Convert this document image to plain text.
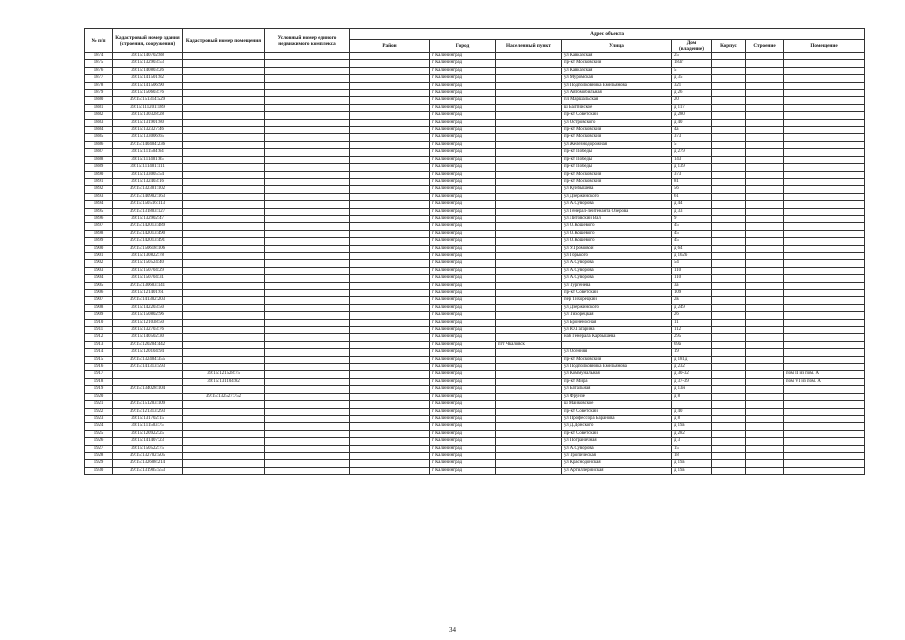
№ п/п	Кадастровый номер здания (строения, сооружения)	Кадастровый номер помещения	Условный номер единого недвижимого комплекса	Адрес объекта							
				Район	Город	Населенный пункт	Улица	Дом (владение)	Корпус	Строение	Помещение
1874	39:15:140702:88				г Калининград		ул Кавказская	25			
1875	39:15:132903:53				г Калининград		пр-кт Московский	183г			
1876	39:15:140803:26				г Калининград		ул Кавказская	5			
1877	39:15:141501:82				г Калининград		ул Муромская	д 35			
1878	39:15:141506:90				г Калининград		ул Подполковника Емельянова	321			
1879	39:15:150603:76				г Калининград		ул Автомобильная	д 26			
1880	39:15:151314:529				г Калининград		пл Маршальская	20			
1881	39:15:111201:189				г Калининград		ш Балтийское	д 117			
1882	39:15:130328:28				г Калининград		пр-кт Советский	д 280			
1883	39:15:131901:80				г Калининград		ул Островского	д 40			
1884	39:15:132327:46				г Калининград		пр-кт Московский	4а			
1885	39:15:133006:65				г Калининград		пр-кт Московский	373			
1886	39:15:140404:236				г Калининград		ул Железнодорожная	5			
1887	39:15:111504:64				г Калининград		пр-кт Победы	д 279			
1888	39:15:111401:85				г Калининград		пр-кт Победы	143			
1889	39:15:111401:111				г Калининград		пр-кт Победы	д 139			
1890	39:15:133005:54				г Калининград		пр-кт Московский	373			
1891	39:15:132403:16				г Калининград		пр-кт Московский	81			
1892	39:15:132301:102				г Калининград		ул Куйбышева	56			
1893	39:15:140902:163				г Калининград		ул Дзержинского	61			
1894	39:15:150516:113				г Калининград		ул А.Суворова	д 44			
1895	39:15:131803:127				г Калининград		ул Генерал-лейтенанта Озерова	д 33			
1896	39:15:132902:47				г Калининград		ул Литовский Вал	9			
1897	39:15:142013:489				г Калининград		ул О.Кошевого	45			
1898	39:15:142013:490				г Калининград		ул О.Кошевого	45			
1899	39:15:142013:491				г Калининград		ул О.Кошевого	45			
1900	39:15:150618:106				г Калининград		ул У.Громовой	д 64			
1901	39:15:130822:78				г Калининград		ул Горького	д 162б			
1902	39:15:150524:40				г Калининград		ул А.Суворова	54			
1903	39:15:150704:29				г Калининград		ул А.Суворова	110			
1904	39:15:150704:31				г Калининград		ул А.Суворова	110			
1905	39:15:130603:141				г Калининград		ул Тургенева	3а			
1906	39:15:121401:61				г Калининград		пр-кт Советский	109			
1907	39:15:141302:203				г Калининград		пер Тихорецкий	2в			
1908	39:15:142203:50				г Калининград		ул Дзержинского	д 249			
1909	39:15:150802:96				г Калининград		ул Тихорецкая	26			
1910	39:15:121038:50				г Калининград		ул Броненосная	11			
1911	39:15:132703:76				г Калининград		ул Ю.Гагарина	112			
1912	39:15:140502:30				г Калининград		наб Генерала Карбышева	295			
1913	39:15:120204:442				г Калининград	пгт Чкаловск		69а			
1914	39:15:120104:94				г Калининград		ул Осенняя	19			
1915	39:15:132404:355				г Калининград		пр-кт Московский	д 181д			
1916	39:15:141313:593				г Калининград		ул Подполковника Емельянова	д 232			
1917		39:15:121528:75			г Калининград		ул Коммунальная	д 30-32			пом II из пом. А
1918		39:15:131104:82			г Калининград		пр-кт Мира	д 37-39			пом VI из пом. А
1919	39:15:134028:104				г Калининград		ул Батальная	д 13н			
1920		39:15:132527:752			г Калининград		ул Фрунзе	д 8			
1921	39:15:151203:109				г Калининград		ш Майковское				
1922	39:15:121313:293				г Калининград		пр-кт Советский	д 40			
1923	39:15:131702:15				г Калининград		ул Профессора Баранова	д 8			
1924	39:15:111503:75				г Калининград		ул Д.Донского	д 19а			
1925	39:15:120922:25				г Калининград		пр-кт Советский	д 282			
1926	39:15:141407:23				г Калининград		ул Пограничная	д 3			
1927	39:15:150522:75				г Калининград		ул А.Суворова	15			
1928	39:15:132702:505				г Калининград		ул Тропическая	18			
1929	39:15:132608:214				г Калининград		ул Краснодонская	д 19а			
1930	39:15:131905:553				г Калининград		ул Артиллерийская	д 19а			
34
